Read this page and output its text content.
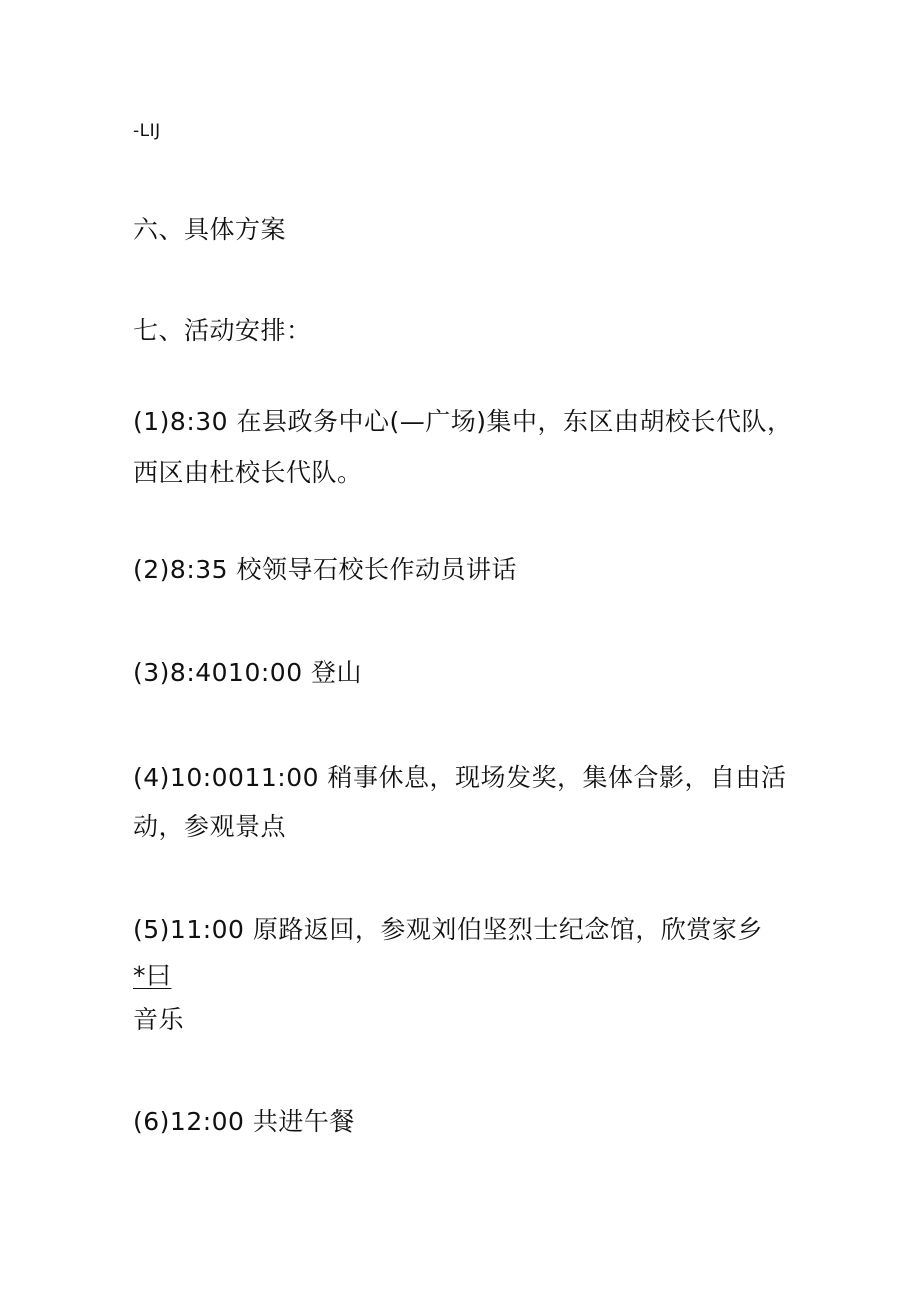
-LIJ

六、具体方案

七、活动安排：

(1)8:30 在县政务中心(—广场)集中，东区由胡校长代队，

西区由杜校长代队。

(2)8:35 校领导石校长作动员讲话

(3)8:4010:00 登山

(4)10:0011:00 稍事休息，现场发奖，集体合影，自由活

动，参观景点

(5)11:00 原路返回，参观刘伯坚烈士纪念馆，欣赏家乡

*曰

音乐

(6)12:00 共进午餐
